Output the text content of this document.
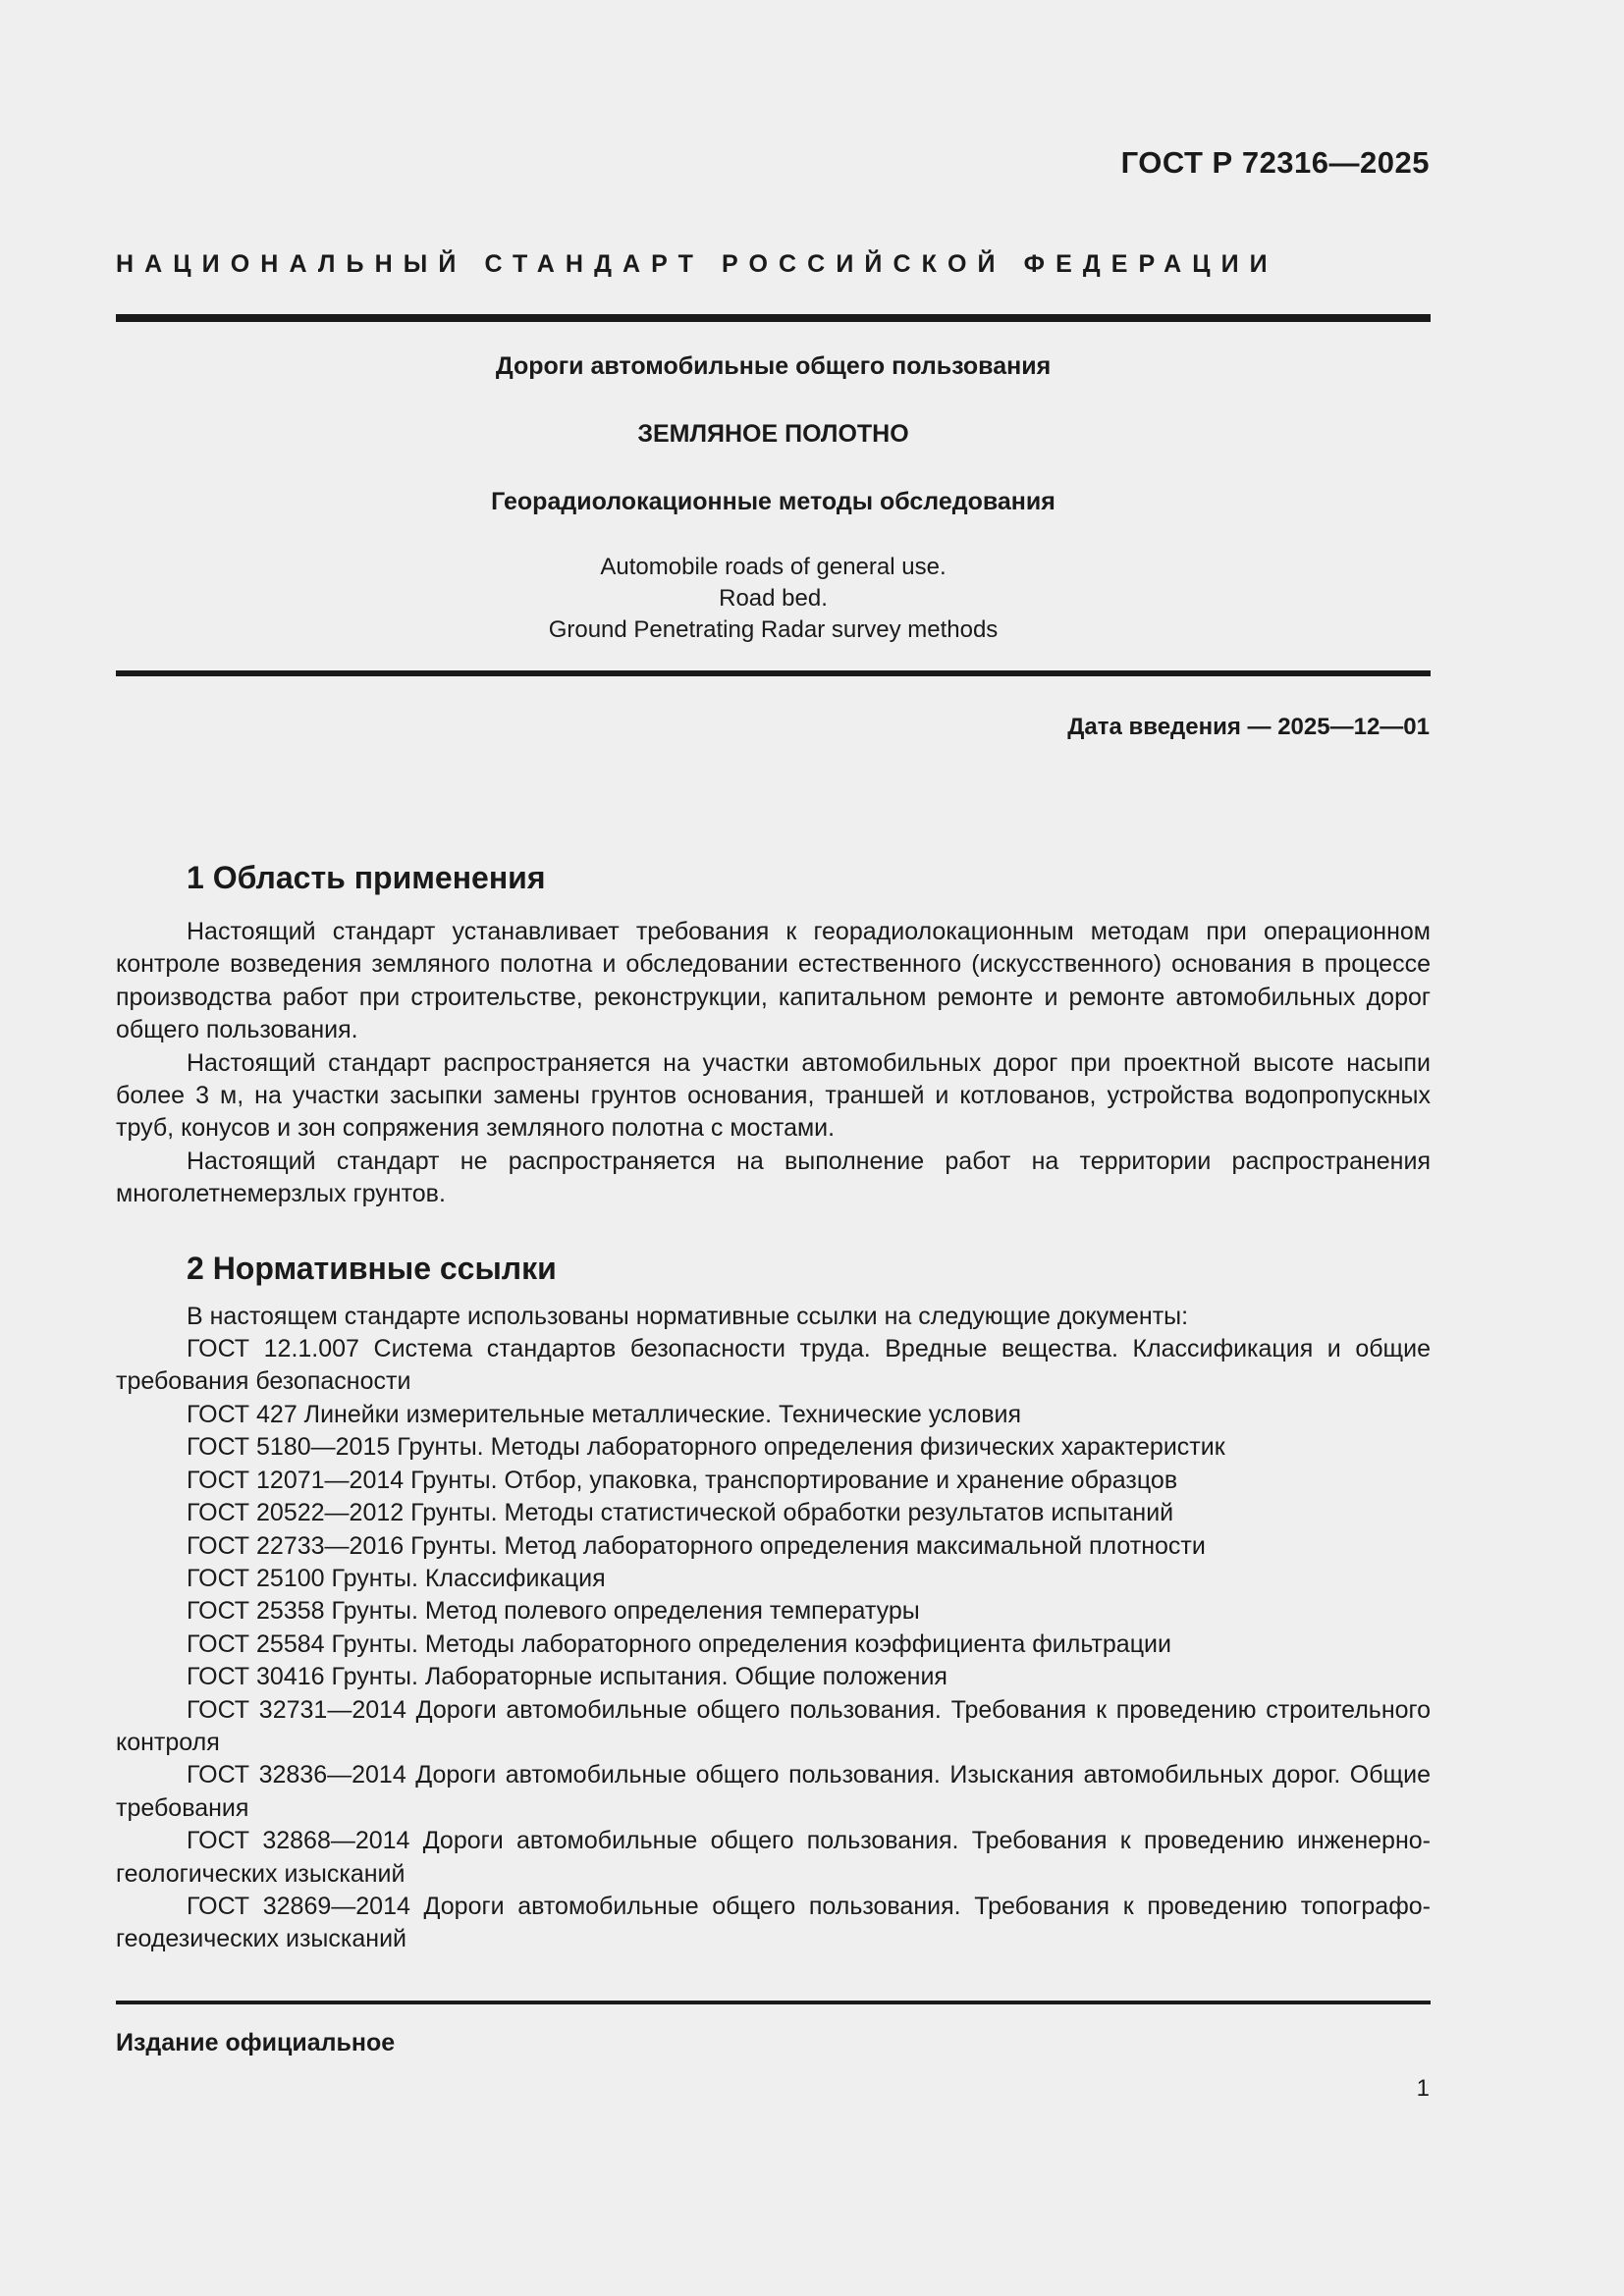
ГОСТ Р 72316—2025
НАЦИОНАЛЬНЫЙ СТАНДАРТ РОССИЙСКОЙ ФЕДЕРАЦИИ
Дороги автомобильные общего пользования
ЗЕМЛЯНОЕ ПОЛОТНО
Георадиолокационные методы обследования
Automobile roads of general use.
Road bed.
Ground Penetrating Radar survey methods
Дата введения — 2025—12—01
1 Область применения

Настоящий стандарт устанавливает требования к георадиолокационным методам при операционном контроле возведения земляного полотна и обследовании естественного (искусственного) основания в процессе производства работ при строительстве, реконструкции, капитальном ремонте и ремонте автомобильных дорог общего пользования.

Настоящий стандарт распространяется на участки автомобильных дорог при проектной высоте насыпи более 3 м, на участки засыпки замены грунтов основания, траншей и котлованов, устройства водопропускных труб, конусов и зон сопряжения земляного полотна с мостами.

Настоящий стандарт не распространяется на выполнение работ на территории распространения многолетнемерзлых грунтов.

2 Нормативные ссылки

В настоящем стандарте использованы нормативные ссылки на следующие документы:

ГОСТ 12.1.007 Система стандартов безопасности труда. Вредные вещества. Классификация и общие требования безопасности

ГОСТ 427 Линейки измерительные металлические. Технические условия

ГОСТ 5180—2015 Грунты. Методы лабораторного определения физических характеристик

ГОСТ 12071—2014 Грунты. Отбор, упаковка, транспортирование и хранение образцов

ГОСТ 20522—2012 Грунты. Методы статистической обработки результатов испытаний

ГОСТ 22733—2016 Грунты. Метод лабораторного определения максимальной плотности

ГОСТ 25100 Грунты. Классификация

ГОСТ 25358 Грунты. Метод полевого определения температуры

ГОСТ 25584 Грунты. Методы лабораторного определения коэффициента фильтрации

ГОСТ 30416 Грунты. Лабораторные испытания. Общие положения

ГОСТ 32731—2014 Дороги автомобильные общего пользования. Требования к проведению строительного контроля

ГОСТ 32836—2014 Дороги автомобильные общего пользования. Изыскания автомобильных дорог. Общие требования

ГОСТ 32868—2014 Дороги автомобильные общего пользования. Требования к проведению инженерно-геологических изысканий

ГОСТ 32869—2014 Дороги автомобильные общего пользования. Требования к проведению топографо-геодезических изысканий

Издание официальное
1
